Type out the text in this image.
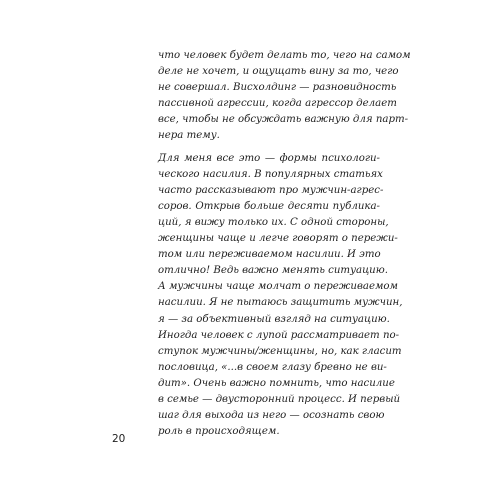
что человек будет делать то, чего на самом
деле не хочет, и ощущать вину за то, чего
не совершал. Висхолдинг — разновидность
пассивной агрессии, когда агрессор делает
все, чтобы не обсуждать важную для парт-
нера тему.
Для меня все это — формы психологи-
ческого насилия. В популярных статьях
часто рассказывают про мужчин-агрес-
соров. Открыв больше десяти публика-
ций, я вижу только их. С одной стороны,
женщины чаще и легче говорят о пережи-
том или переживаемом насилии. И это
отлично! Ведь важно менять ситуацию.
А мужчины чаще молчат о переживаемом
насилии. Я не пытаюсь защитить мужчин,
я — за объективный взгляд на ситуацию.
Иногда человек с лупой рассматривает по-
ступок мужчины/женщины, но, как гласит
пословица, «...в своем глазу бревно не ви-
дит». Очень важно помнить, что насилие
в семье — двусторонний процесс. И первый
шаг для выхода из него — осознать свою
роль в происходящем.
20
